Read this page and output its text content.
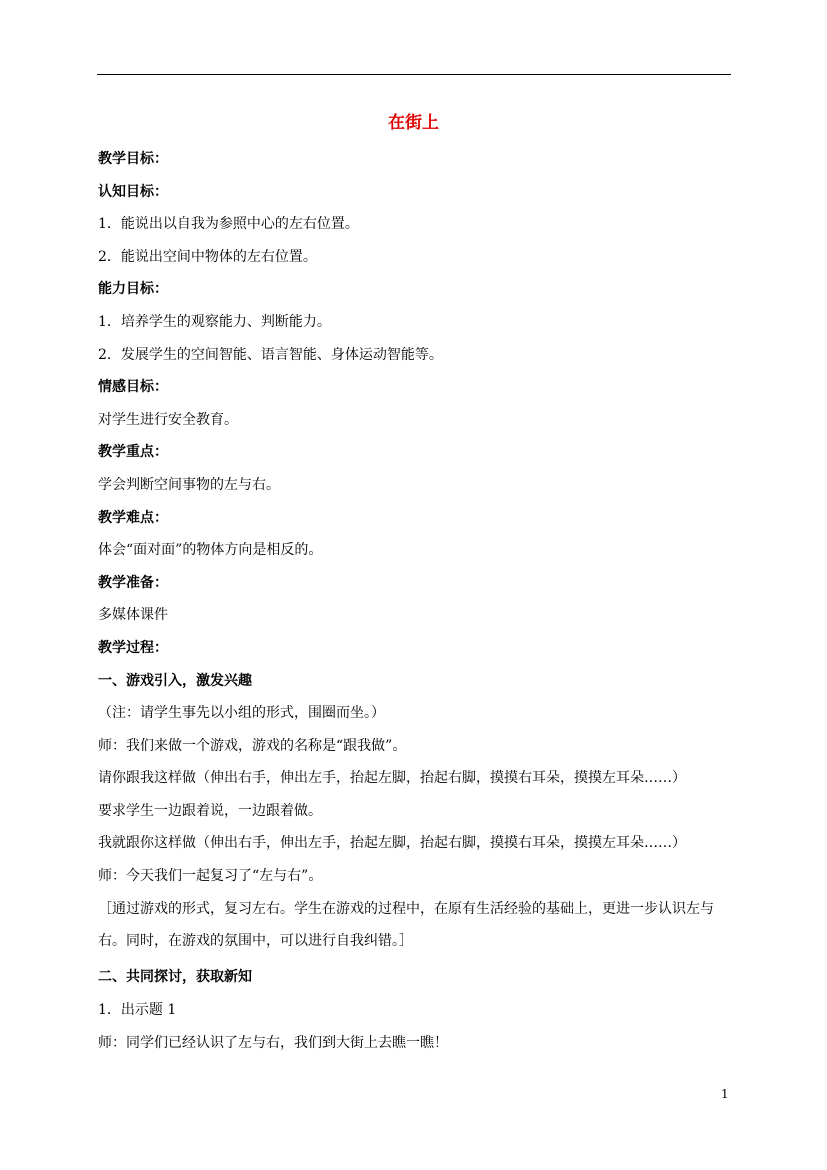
在街上
教学目标：
认知目标：
1．能说出以自我为参照中心的左右位置。
2．能说出空间中物体的左右位置。
能力目标：
1．培养学生的观察能力、判断能力。
2．发展学生的空间智能、语言智能、身体运动智能等。
情感目标：
对学生进行安全教育。
教学重点：
学会判断空间事物的左与右。
教学难点：
体会“面对面”的物体方向是相反的。
教学准备：
多媒体课件
教学过程：
一、游戏引入，激发兴趣
（注：请学生事先以小组的形式，围圈而坐。）
师：我们来做一个游戏，游戏的名称是“跟我做”。
请你跟我这样做（伸出右手，伸出左手，抬起左脚，抬起右脚，摸摸右耳朵，摸摸左耳朵……）
要求学生一边跟着说，一边跟着做。
我就跟你这样做（伸出右手，伸出左手，抬起左脚，抬起右脚，摸摸右耳朵，摸摸左耳朵……）
师：今天我们一起复习了“左与右”。
［通过游戏的形式，复习左右。学生在游戏的过程中，在原有生活经验的基础上，更进一步认识左与右。同时，在游戏的氛围中，可以进行自我纠错。］
二、共同探讨，获取新知
1．出示题 1
师：同学们已经认识了左与右，我们到大街上去瞧一瞧！
1
